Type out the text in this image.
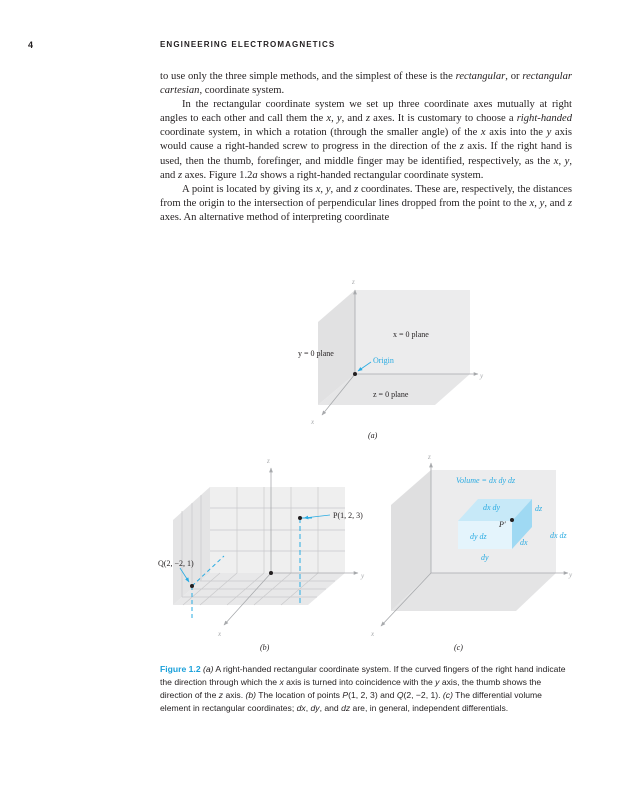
4	ENGINEERING ELECTROMAGNETICS

to use only the three simple methods, and the simplest of these is the rectangular, or rectangular cartesian, coordinate system.

In the rectangular coordinate system we set up three coordinate axes mutually at right angles to each other and call them the x, y, and z axes. It is customary to choose a right-handed coordinate system, in which a rotation (through the smaller angle) of the x axis into the y axis would cause a right-handed screw to progress in the direction of the z axis. If the right hand is used, then the thumb, forefinger, and middle finger may be identified, respectively, as the x, y, and z axes. Figure 1.2a shows a right-handed rectangular coordinate system.

A point is located by giving its x, y, and z coordinates. These are, respectively, the distances from the origin to the intersection of perpendicular lines dropped from the point to the x, y, and z axes. An alternative method of interpreting coordinate

z
y
x
x = 0 plane
y = 0 plane
z = 0 plane
Origin
(a)
z
y
x
P(1, 2, 3)
Q(2, −2, 1)
(b)
z
y
x
Volume = dx dy dz
dx dy
dy dz	dx dz
dz
dx
dy
P′
(c)

Figure 1.2 (a) A right-handed rectangular coordinate system. If the curved fingers of the right hand indicate the direction through which the x axis is turned into coincidence with the y axis, the thumb shows the direction of the z axis. (b) The location of points P(1, 2, 3) and Q(2, −2, 1). (c) The differential volume element in rectangular coordinates; dx, dy, and dz are, in general, independent differentials.
